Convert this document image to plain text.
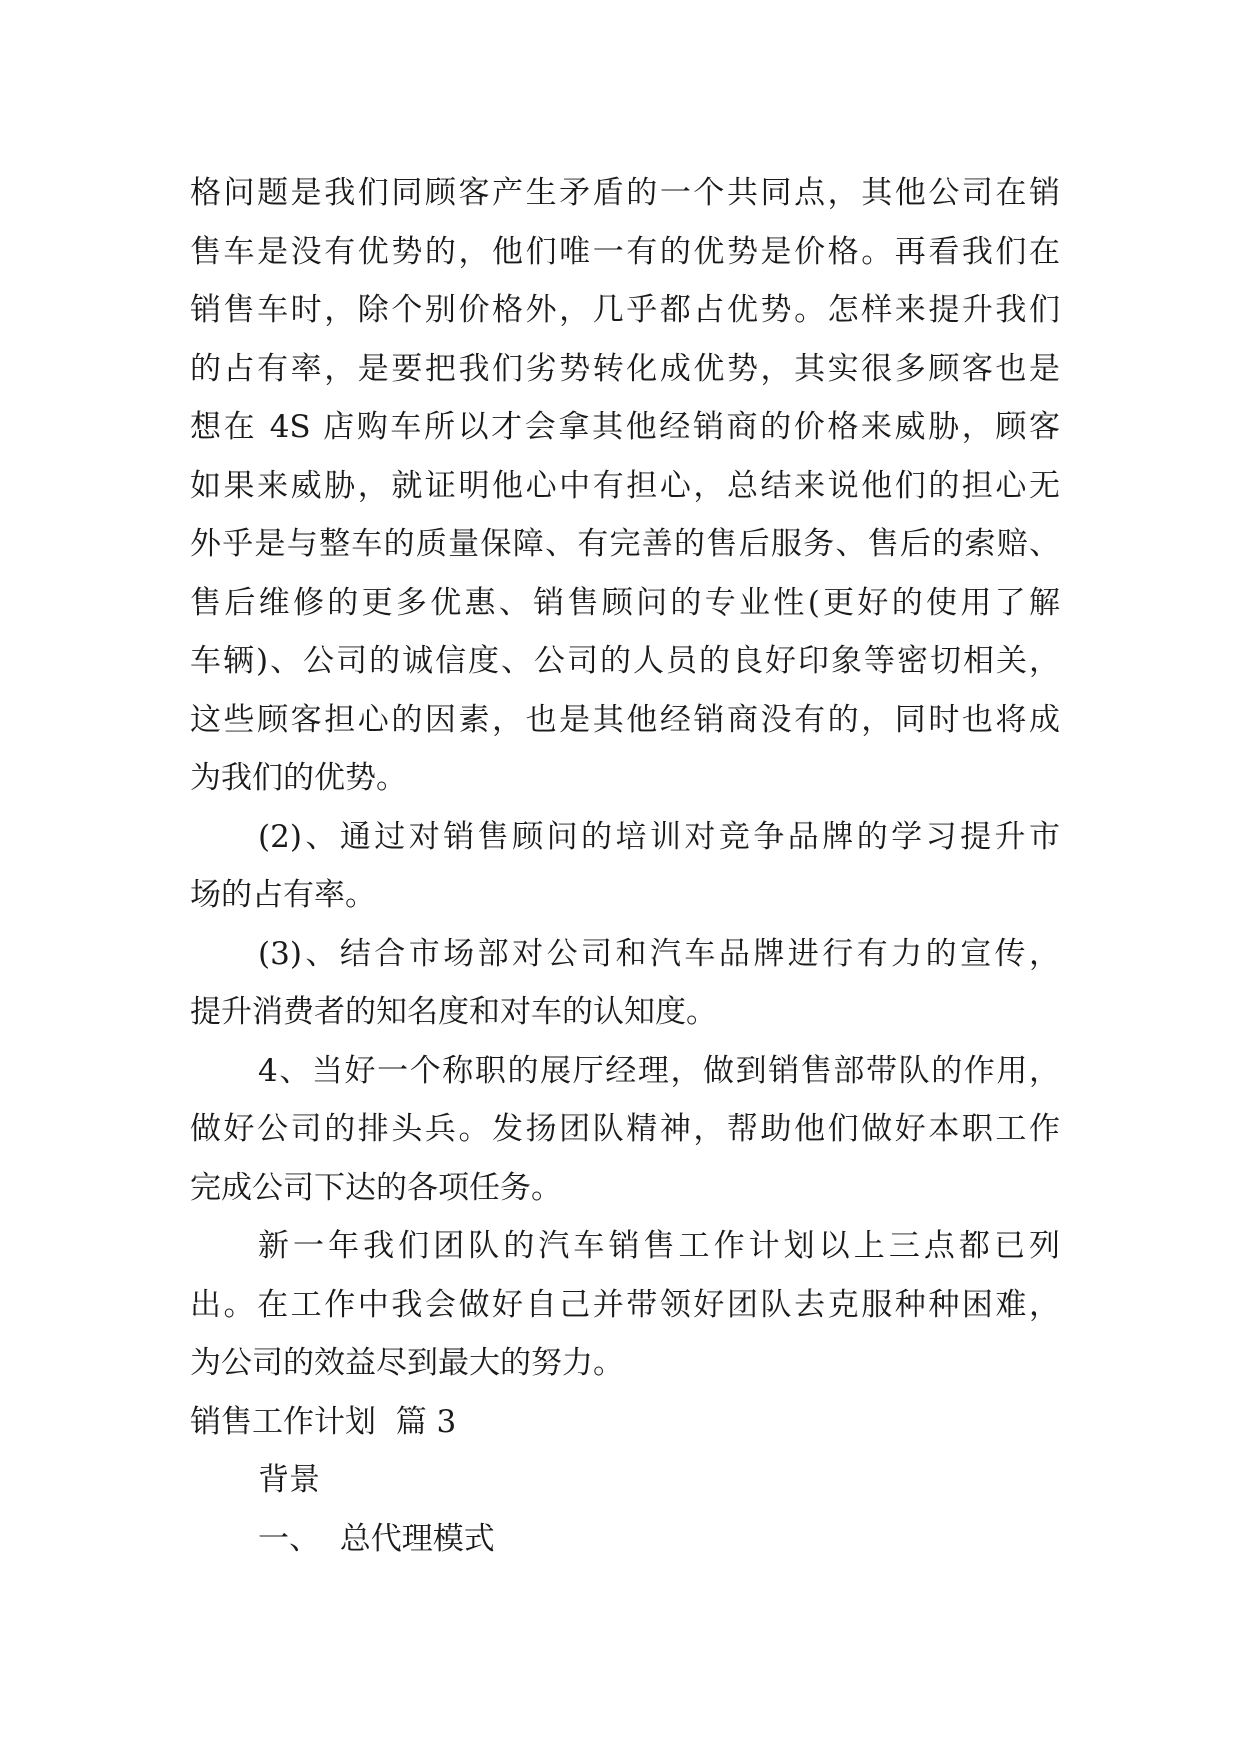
格问题是我们同顾客产生矛盾的一个共同点，其他公司在销
售车是没有优势的，他们唯一有的优势是价格。再看我们在
销售车时，除个别价格外，几乎都占优势。怎样来提升我们
的占有率，是要把我们劣势转化成优势，其实很多顾客也是
想在 4S 店购车所以才会拿其他经销商的价格来威胁，顾客
如果来威胁，就证明他心中有担心，总结来说他们的担心无
外乎是与整车的质量保障、有完善的售后服务、售后的索赔、
售后维修的更多优惠、销售顾问的专业性(更好的使用了解
车辆)、公司的诚信度、公司的人员的良好印象等密切相关，
这些顾客担心的因素，也是其他经销商没有的，同时也将成
为我们的优势。
(2)、通过对销售顾问的培训对竞争品牌的学习提升市
场的占有率。
(3)、结合市场部对公司和汽车品牌进行有力的宣传，
提升消费者的知名度和对车的认知度。
4、当好一个称职的展厅经理，做到销售部带队的作用，
做好公司的排头兵。发扬团队精神，帮助他们做好本职工作
完成公司下达的各项任务。
新一年我们团队的汽车销售工作计划以上三点都已列
出。在工作中我会做好自己并带领好团队去克服种种困难，
为公司的效益尽到最大的努力。
销售工作计划  篇 3
背景
一、  总代理模式
